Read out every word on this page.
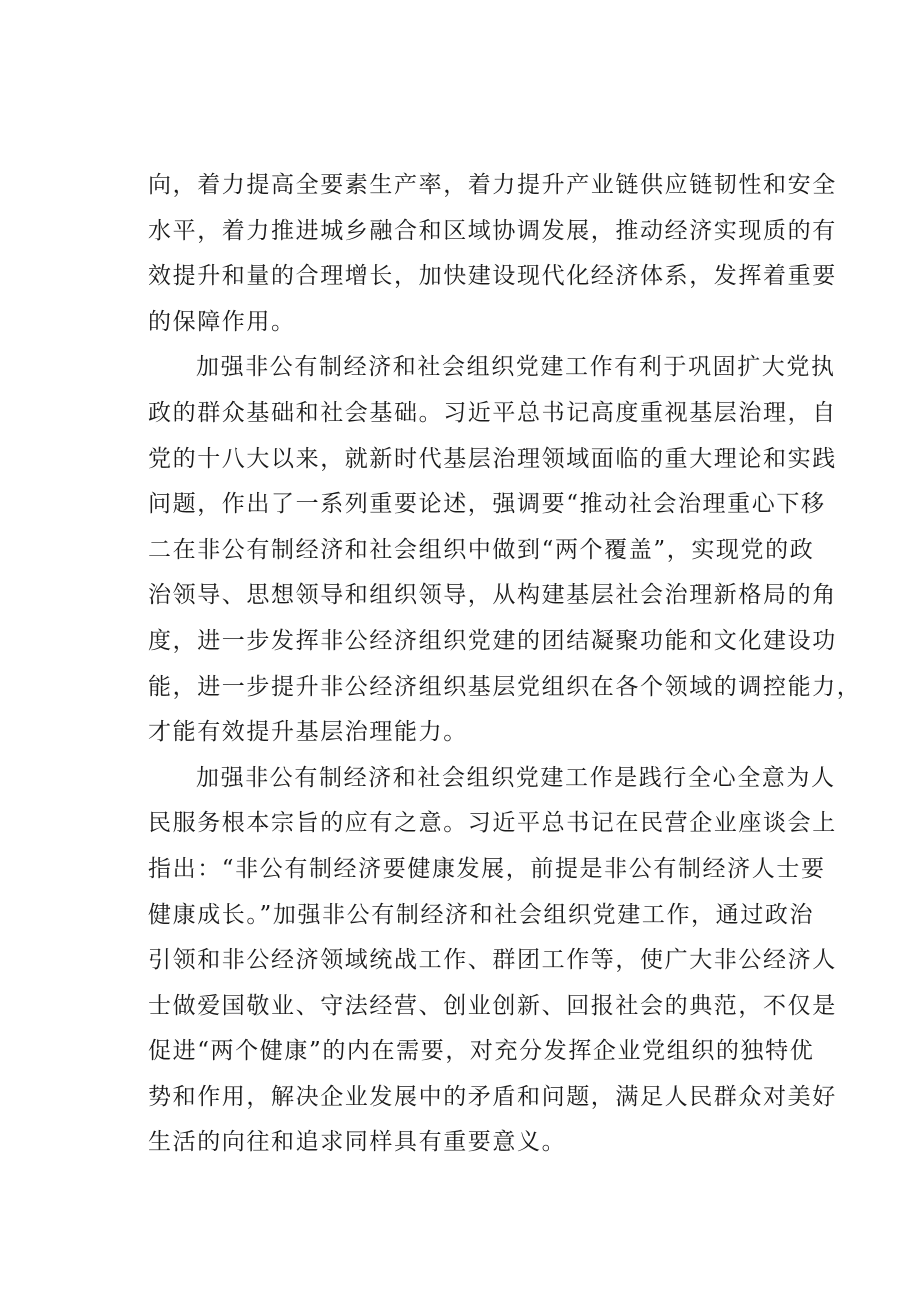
向，着力提高全要素生产率，着力提升产业链供应链韧性和安全
水平，着力推进城乡融合和区域协调发展，推动经济实现质的有
效提升和量的合理增长，加快建设现代化经济体系，发挥着重要
的保障作用。
加强非公有制经济和社会组织党建工作有利于巩固扩大党执
政的群众基础和社会基础。习近平总书记高度重视基层治理，自
党的十八大以来，就新时代基层治理领域面临的重大理论和实践
问题，作出了一系列重要论述，强调要“推动社会治理重心下移
二在非公有制经济和社会组织中做到“两个覆盖”，实现党的政
治领导、思想领导和组织领导，从构建基层社会治理新格局的角
度，进一步发挥非公经济组织党建的团结凝聚功能和文化建设功
能，进一步提升非公经济组织基层党组织在各个领域的调控能力，
才能有效提升基层治理能力。
加强非公有制经济和社会组织党建工作是践行全心全意为人
民服务根本宗旨的应有之意。习近平总书记在民营企业座谈会上
指出：“非公有制经济要健康发展，前提是非公有制经济人士要
健康成长。”加强非公有制经济和社会组织党建工作，通过政治
引领和非公经济领域统战工作、群团工作等，使广大非公经济人
士做爱国敬业、守法经营、创业创新、回报社会的典范，不仅是
促进“两个健康”的内在需要，对充分发挥企业党组织的独特优
势和作用，解决企业发展中的矛盾和问题，满足人民群众对美好
生活的向往和追求同样具有重要意义。
